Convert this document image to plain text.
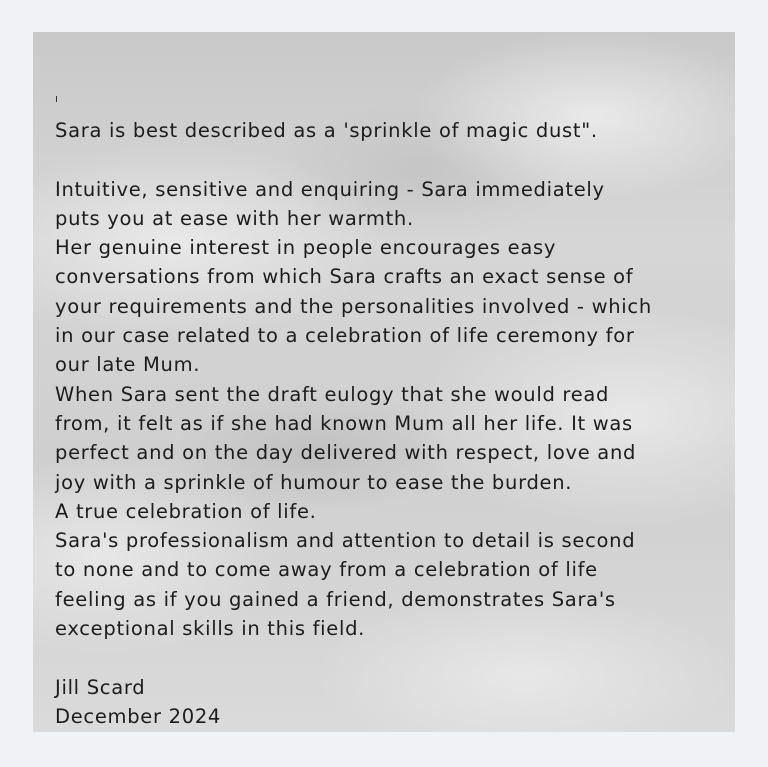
Sara is best described as a 'sprinkle of magic dust".
Intuitive, sensitive and enquiring - Sara immediately
puts you at ease with her warmth.
Her genuine interest in people encourages easy
conversations from which Sara crafts an exact sense of
your requirements and the personalities involved - which
in our case related to a celebration of life ceremony for
our late Mum.
When Sara sent the draft eulogy that she would read
from, it felt as if she had known Mum all her life. It was
perfect and on the day delivered with respect, love and
joy with a sprinkle of humour to ease the burden.
A true celebration of life.
Sara's professionalism and attention to detail is second
to none and to come away from a celebration of life
feeling as if you gained a friend, demonstrates Sara's
exceptional skills in this field.
Jill Scard
December 2024
